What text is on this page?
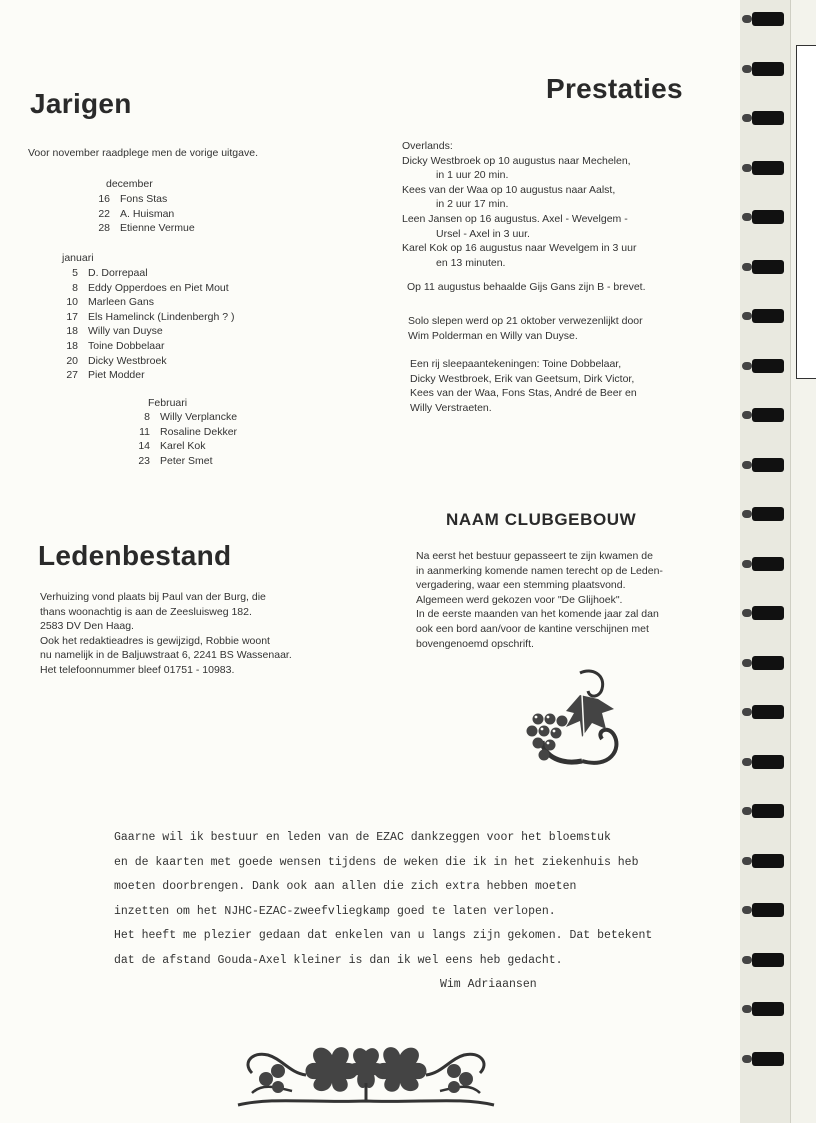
Jarigen

Voor november raadplege men de vorige uitgave.

december
16 Fons Stas
22 A. Huisman
28 Etienne Vermue
januari
5 D. Dorrepaal
8 Eddy Opperdoes en Piet Mout
10 Marleen Gans
17 Els Hamelinck (Lindenbergh ? )
18 Willy van Duyse
18 Toine Dobbelaar
20 Dicky Westbroek
27 Piet Modder
Februari
8 Willy Verplancke
11 Rosaline Dekker
14 Karel Kok
23 Peter Smet
Prestaties
Overlands:
Dicky Westbroek op 10 augustus naar Mechelen,
in 1 uur 20 min.
Kees van der Waa op 10 augustus naar Aalst,
in 2 uur 17 min.
Leen Jansen op 16 augustus. Axel - Wevelgem -
Ursel - Axel in 3 uur.
Karel Kok op 16 augustus naar Wevelgem in 3 uur
en 13 minuten.

Op 11 augustus behaalde Gijs Gans zijn B - brevet.

Solo slepen werd op 21 oktober verwezenlijkt door
Wim Polderman en Willy van Duyse.
Een rij sleepaantekeningen: Toine Dobbelaar,
Dicky Westbroek, Erik van Geetsum, Dirk Victor,
Kees van der Waa, Fons Stas, André de Beer en
Willy Verstraeten.
NAAM CLUBGEBOUW
Na eerst het bestuur gepasseert te zijn kwamen de
in aanmerking komende namen terecht op de Leden-
vergadering, waar een stemming plaatsvond.
Algemeen werd gekozen voor "De Glijhoek".
In de eerste maanden van het komende jaar zal dan
ook een bord aan/voor de kantine verschijnen met
bovengenoemd opschrift.
Ledenbestand
Verhuizing vond plaats bij Paul van der Burg, die
thans woonachtig is aan de Zeesluisweg 182.
2583 DV Den Haag.
Ook het redaktieadres is gewijzigd, Robbie woont
nu namelijk in de Baljuwstraat 6, 2241 BS Wassenaar.
Het telefoonnummer bleef 01751 - 10983.
Gaarne wil ik bestuur en leden van de EZAC dankzeggen voor het bloemstuk
en de kaarten met goede wensen tijdens de weken die ik in het ziekenhuis heb
moeten doorbrengen. Dank ook aan allen die zich extra hebben moeten
inzetten om het NJHC-EZAC-zweefvliegkamp goed te laten verlopen.
Het heeft me plezier gedaan dat enkelen van u langs zijn gekomen. Dat betekent
dat de afstand Gouda-Axel kleiner is dan ik wel eens heb gedacht.
Wim Adriaansen
